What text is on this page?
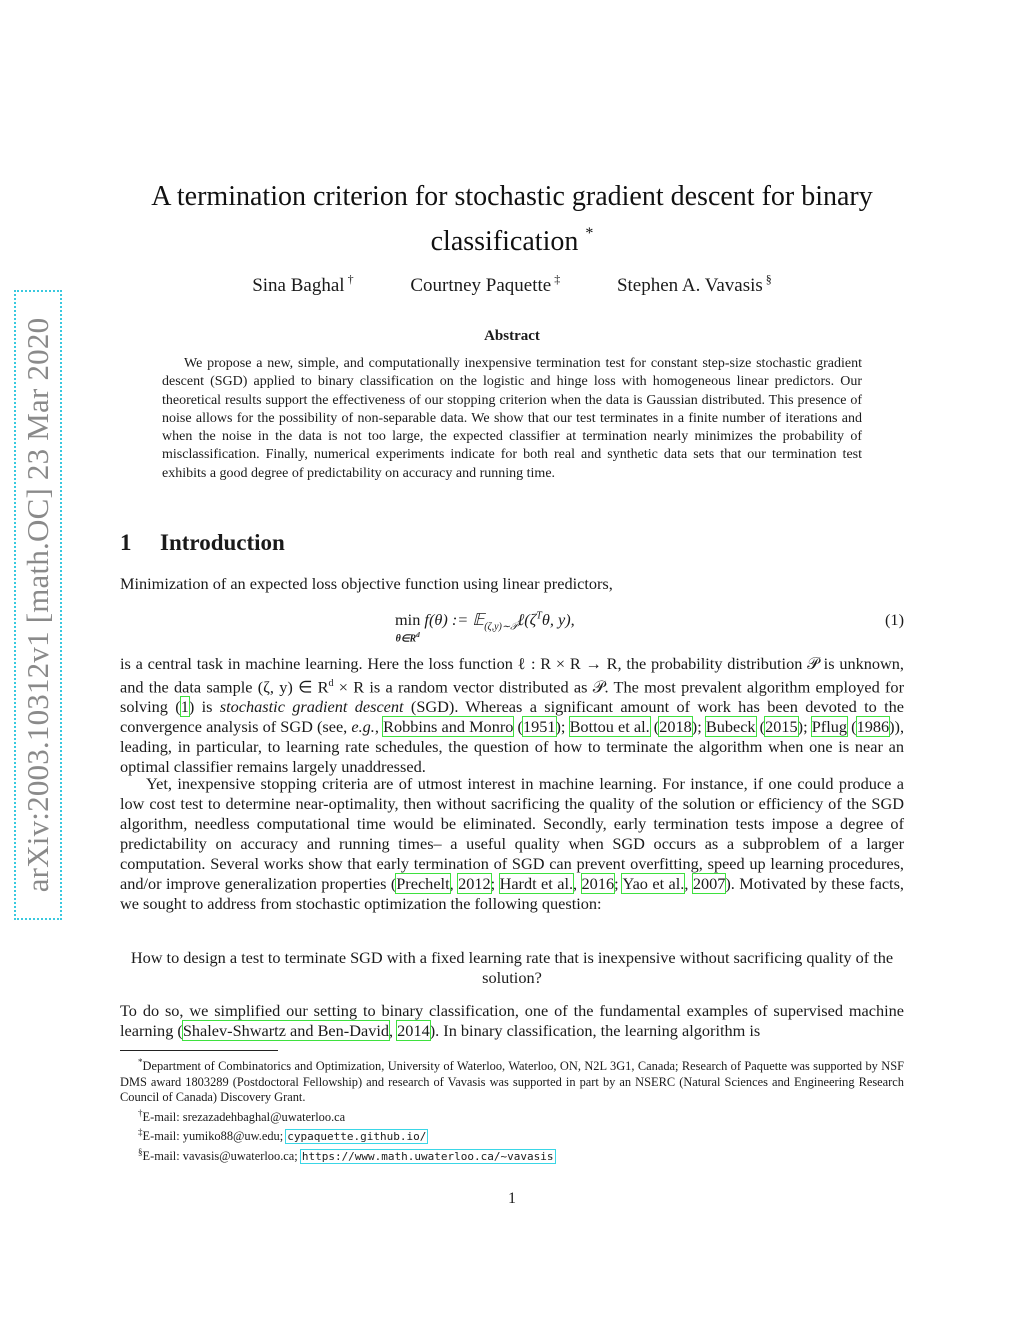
arXiv:2003.10312v1 [math.OC] 23 Mar 2020
A termination criterion for stochastic gradient descent for binary
classification *
Sina Baghal †	Courtney Paquette ‡	Stephen A. Vavasis §
Abstract
We propose a new, simple, and computationally inexpensive termination test for constant step-size stochastic gradient descent (SGD) applied to binary classification on the logistic and hinge loss with homogeneous linear predictors. Our theoretical results support the effectiveness of our stopping criterion when the data is Gaussian distributed. This presence of noise allows for the possibility of non-separable data. We show that our test terminates in a finite number of iterations and when the noise in the data is not too large, the expected classifier at termination nearly minimizes the probability of misclassification. Finally, numerical experiments indicate for both real and synthetic data sets that our termination test exhibits a good degree of predictability on accuracy and running time.
1 Introduction
Minimization of an expected loss objective function using linear predictors,
min
$\theta\in R^d$
f(θ) := $𝔼_{(\zeta,y)\sim 𝒫}\ell(\zeta^T\theta$, y),	(1)
is a central task in machine learning. Here the loss function ℓ : R × R → R, the probability distribution 𝒫 is unknown, and the data sample (ζ, y) ∈ $R^d \times R$ is a random vector distributed as 𝒫. The most prevalent algorithm employed for solving (1) is stochastic gradient descent (SGD). Whereas a significant amount of work has been devoted to the convergence analysis of SGD (see, e.g., Robbins and Monro (1951); Bottou et al. (2018); Bubeck (2015); Pflug (1986)), leading, in particular, to learning rate schedules, the question of how to terminate the algorithm when one is near an optimal classifier remains largely unaddressed.
Yet, inexpensive stopping criteria are of utmost interest in machine learning. For instance, if one could produce a low cost test to determine near-optimality, then without sacrificing the quality of the solution or efficiency of the SGD algorithm, needless computational time would be eliminated. Secondly, early termination tests impose a degree of predictability on accuracy and running times– a useful quality when SGD occurs as a subproblem of a larger computation. Several works show that early termination of SGD can prevent overfitting, speed up learning procedures, and/or improve generalization properties (Prechelt, 2012; Hardt et al., 2016; Yao et al., 2007). Motivated by these facts, we sought to address from stochastic optimization the following question:
How to design a test to terminate SGD with a fixed learning rate that is inexpensive without sacrificing quality of the solution?
To do so, we simplified our setting to binary classification, one of the fundamental examples of supervised machine learning (Shalev-Shwartz and Ben-David, 2014). In binary classification, the learning algorithm is

*Department of Combinatorics and Optimization, University of Waterloo, Waterloo, ON, N2L 3G1, Canada; Research of Paquette was supported by NSF DMS award 1803289 (Postdoctoral Fellowship) and research of Vavasis was supported in part by an NSERC (Natural Sciences and Engineering Research Council of Canada) Discovery Grant.

†E-mail: srezazadehbaghal@uwaterloo.ca

‡E-mail: yumiko88@uw.edu; cypaquette.github.io/

§E-mail: vavasis@uwaterloo.ca; https://www.math.uwaterloo.ca/~vavasis

1
